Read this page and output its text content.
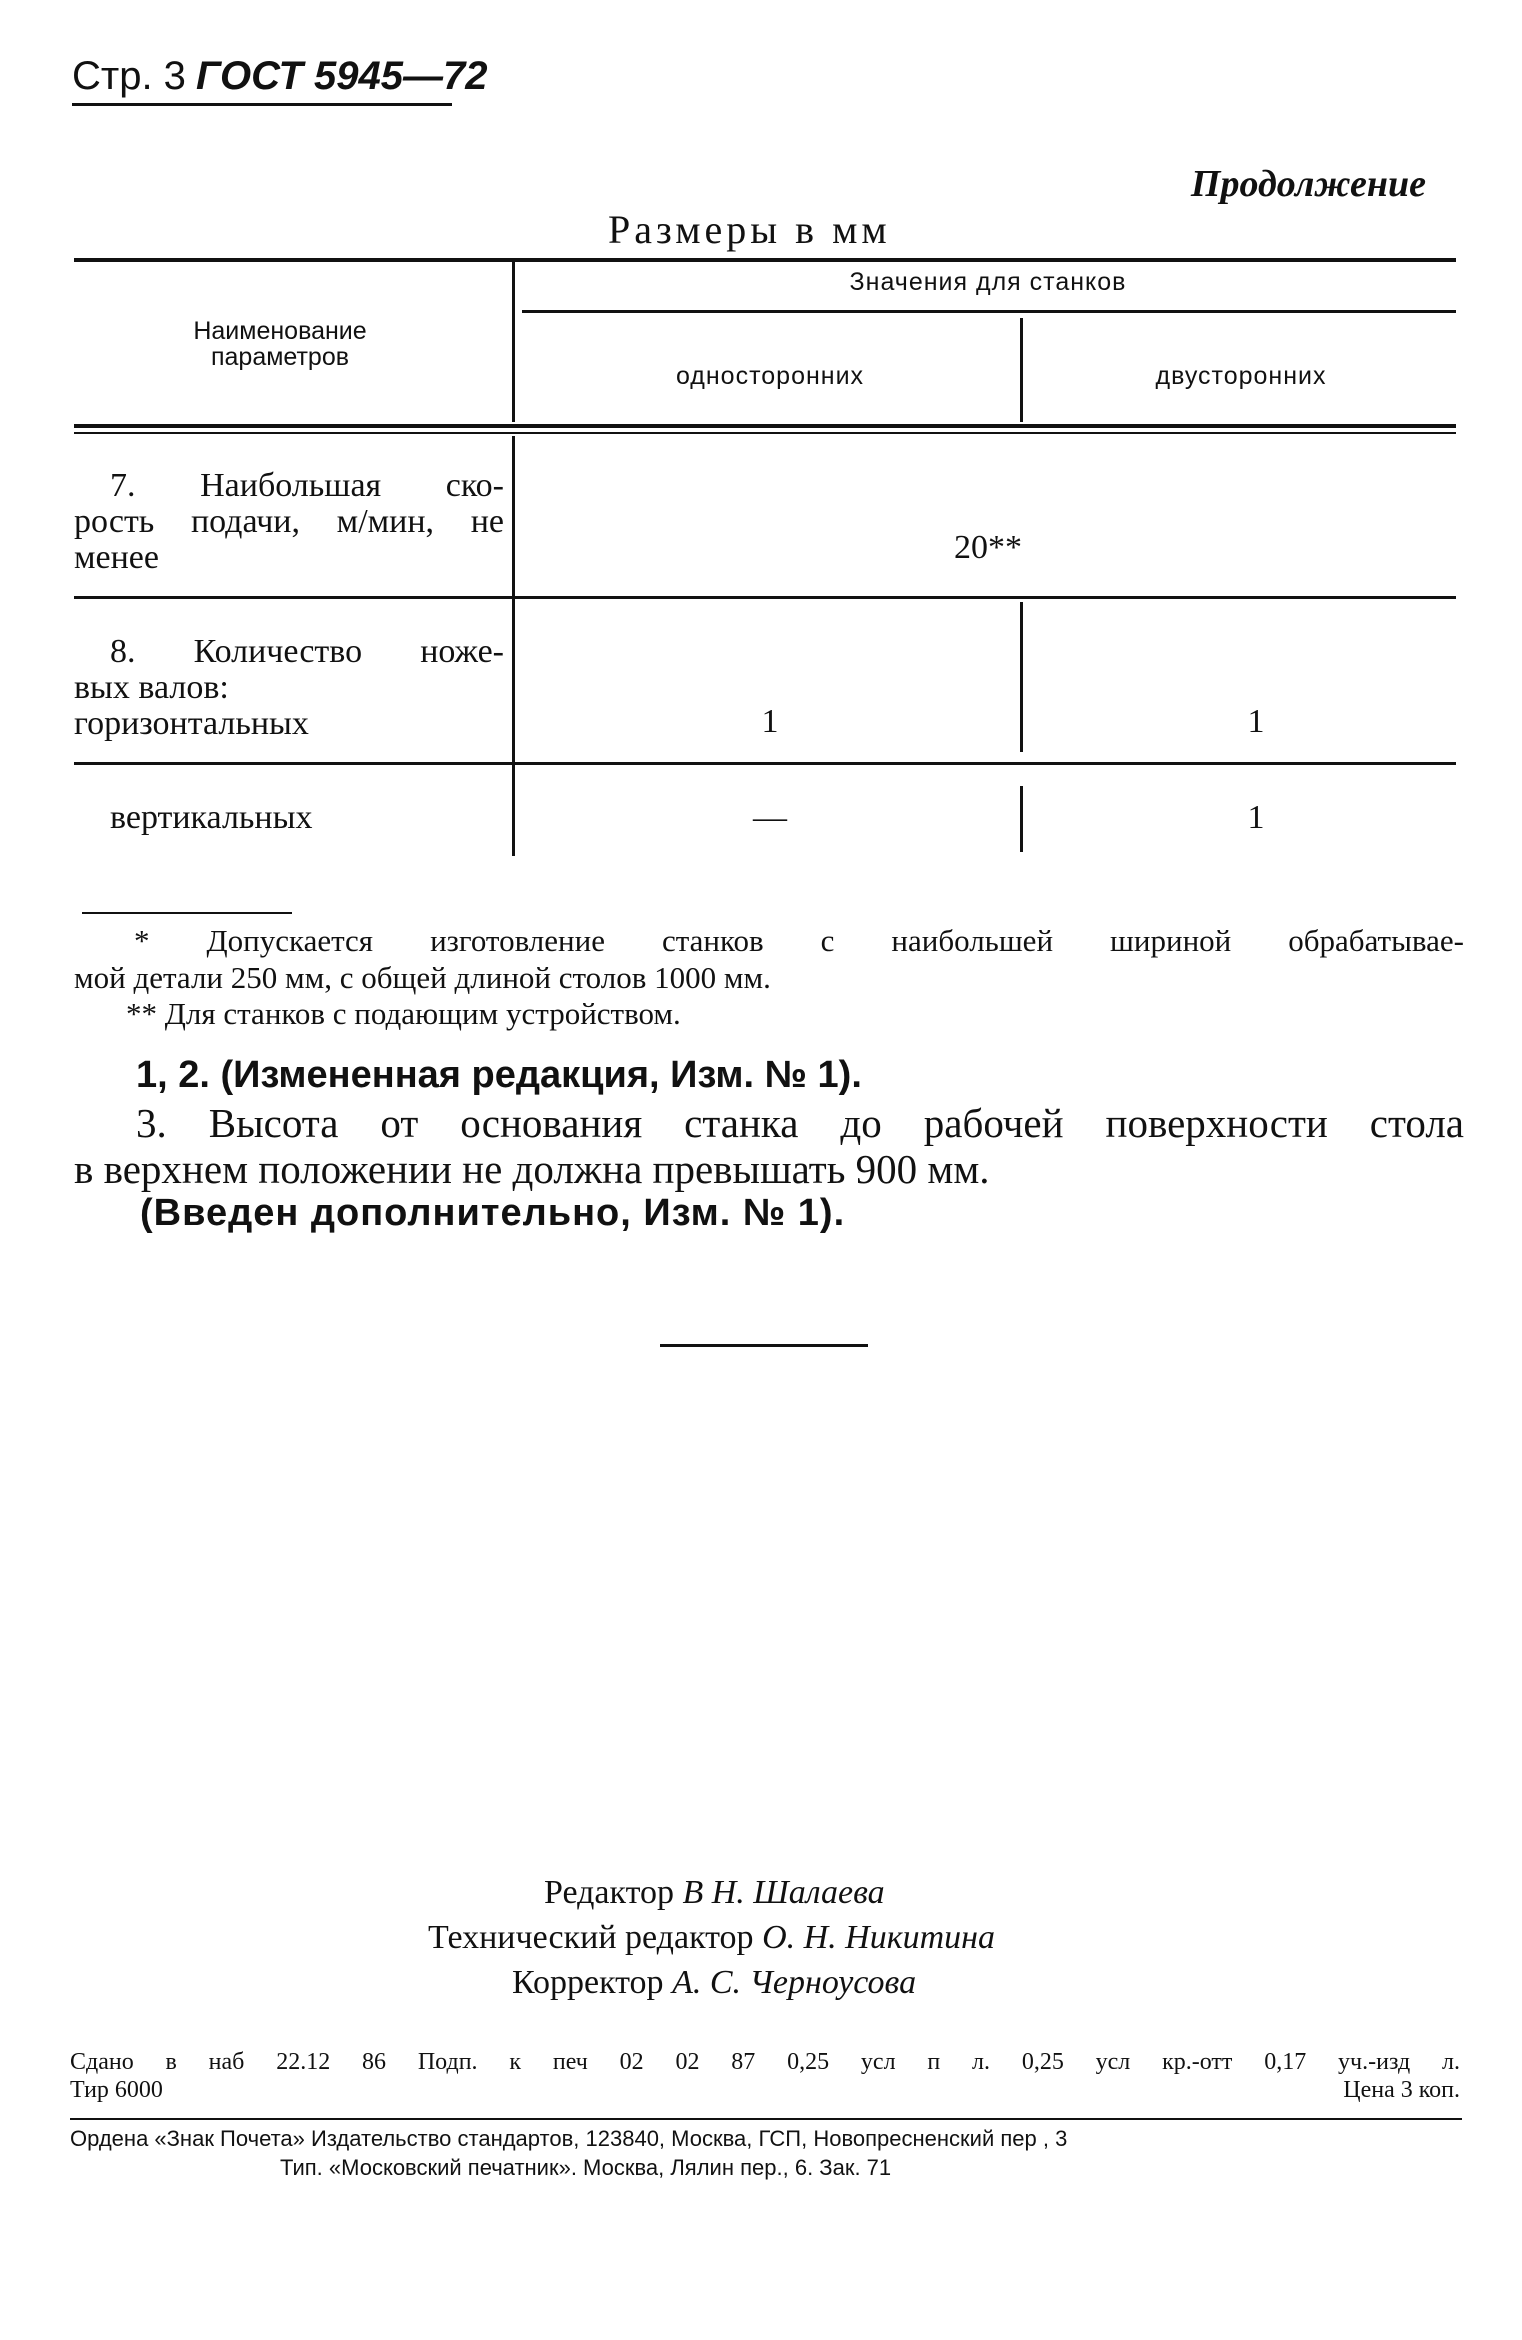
Стр. 3 ГОСТ 5945—72
Продолжение
Размеры в мм
Наименование параметров
Значения для станков
односторонних	двусторонних
7. Наибольшая ско-
рость подачи, м/мин, не
менее	20**
8. Количество ноже-
вых валов:
горизонтальных	1	1
вертикальных	—	1
* Допускается изготовление станков с наибольшей шириной обрабатывае-
мой детали 250 мм, с общей длиной столов 1000 мм.
** Для станков с подающим устройством.
1, 2. (Измененная редакция, Изм. № 1).
3. Высота от основания станка до рабочей поверхности стола
в верхнем положении не должна превышать 900 мм.
(Введен дополнительно, Изм. № 1).
Редактор В Н. Шалаева
Технический редактор О. Н. Никитина
Корректор А. С. Черноусова
Сдано в наб 22.12 86 Подп. к печ 02 02 87 0,25 усл п л. 0,25 усл кр.-отт 0,17 уч.-изд л.
Тир 6000	Цена 3 коп.
Ордена «Знак Почета» Издательство стандартов, 123840, Москва, ГСП, Новопресненский пер , 3
Тип. «Московский печатник». Москва, Лялин пер., 6. Зак. 71
